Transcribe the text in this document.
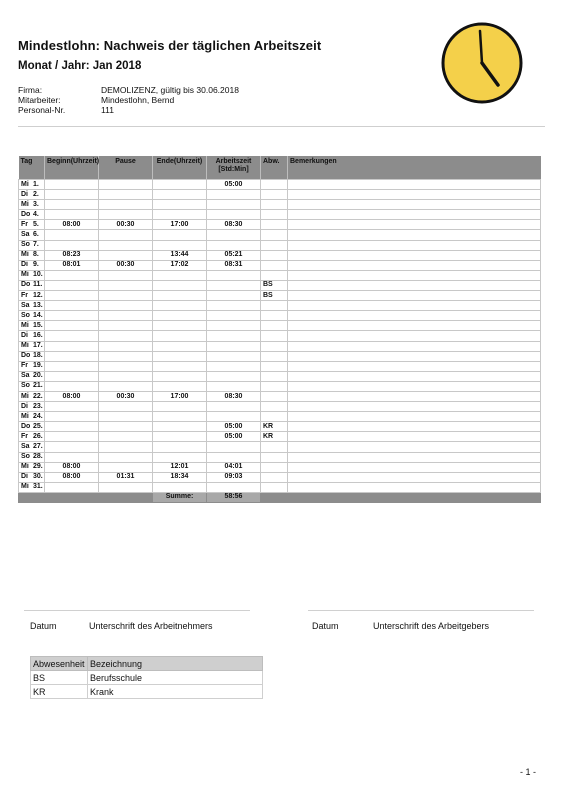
Mindestlohn: Nachweis der täglichen Arbeitszeit
Monat / Jahr: Jan 2018
Firma:	DEMOLIZENZ, gültig bis 30.06.2018
Mitarbeiter:	Mindestlohn, Bernd
Personal-Nr.	111
Tag	Beginn(Uhrzeit)	Pause	Ende(Uhrzeit)	Arbeitszeit [Std:Min]	Abw.	Bemerkungen
Mi 1.				05:00		
Di 2.						
Mi 3.						
Do 4.						
Fr 5.	08:00	00:30	17:00	08:30		
Sa 6.						
So 7.						
Mi 8.	08:23		13:44	05:21		
Di 9.	08:01	00:30	17:02	08:31		
Mi 10.						
Do 11.					BS	
Fr 12.					BS	
Sa 13.						
So 14.						
Mi 15.						
Di 16.						
Mi 17.						
Do 18.						
Fr 19.						
Sa 20.						
So 21.						
Mi 22.	08:00	00:30	17:00	08:30		
Di 23.						
Mi 24.						
Do 25.				05:00	KR	
Fr 26.				05:00	KR	
Sa 27.						
So 28.						
Mi 29.	08:00		12:01	04:01		
Di 30.	08:00	01:31	18:34	09:03		
Mi 31.						
			Summe:	58:56		
Datum	Unterschrift des Arbeitnehmers	Datum	Unterschrift des Arbeitgebers
Abwesenheit	Bezeichnung
BS	Berufsschule
KR	Krank
- 1 -
